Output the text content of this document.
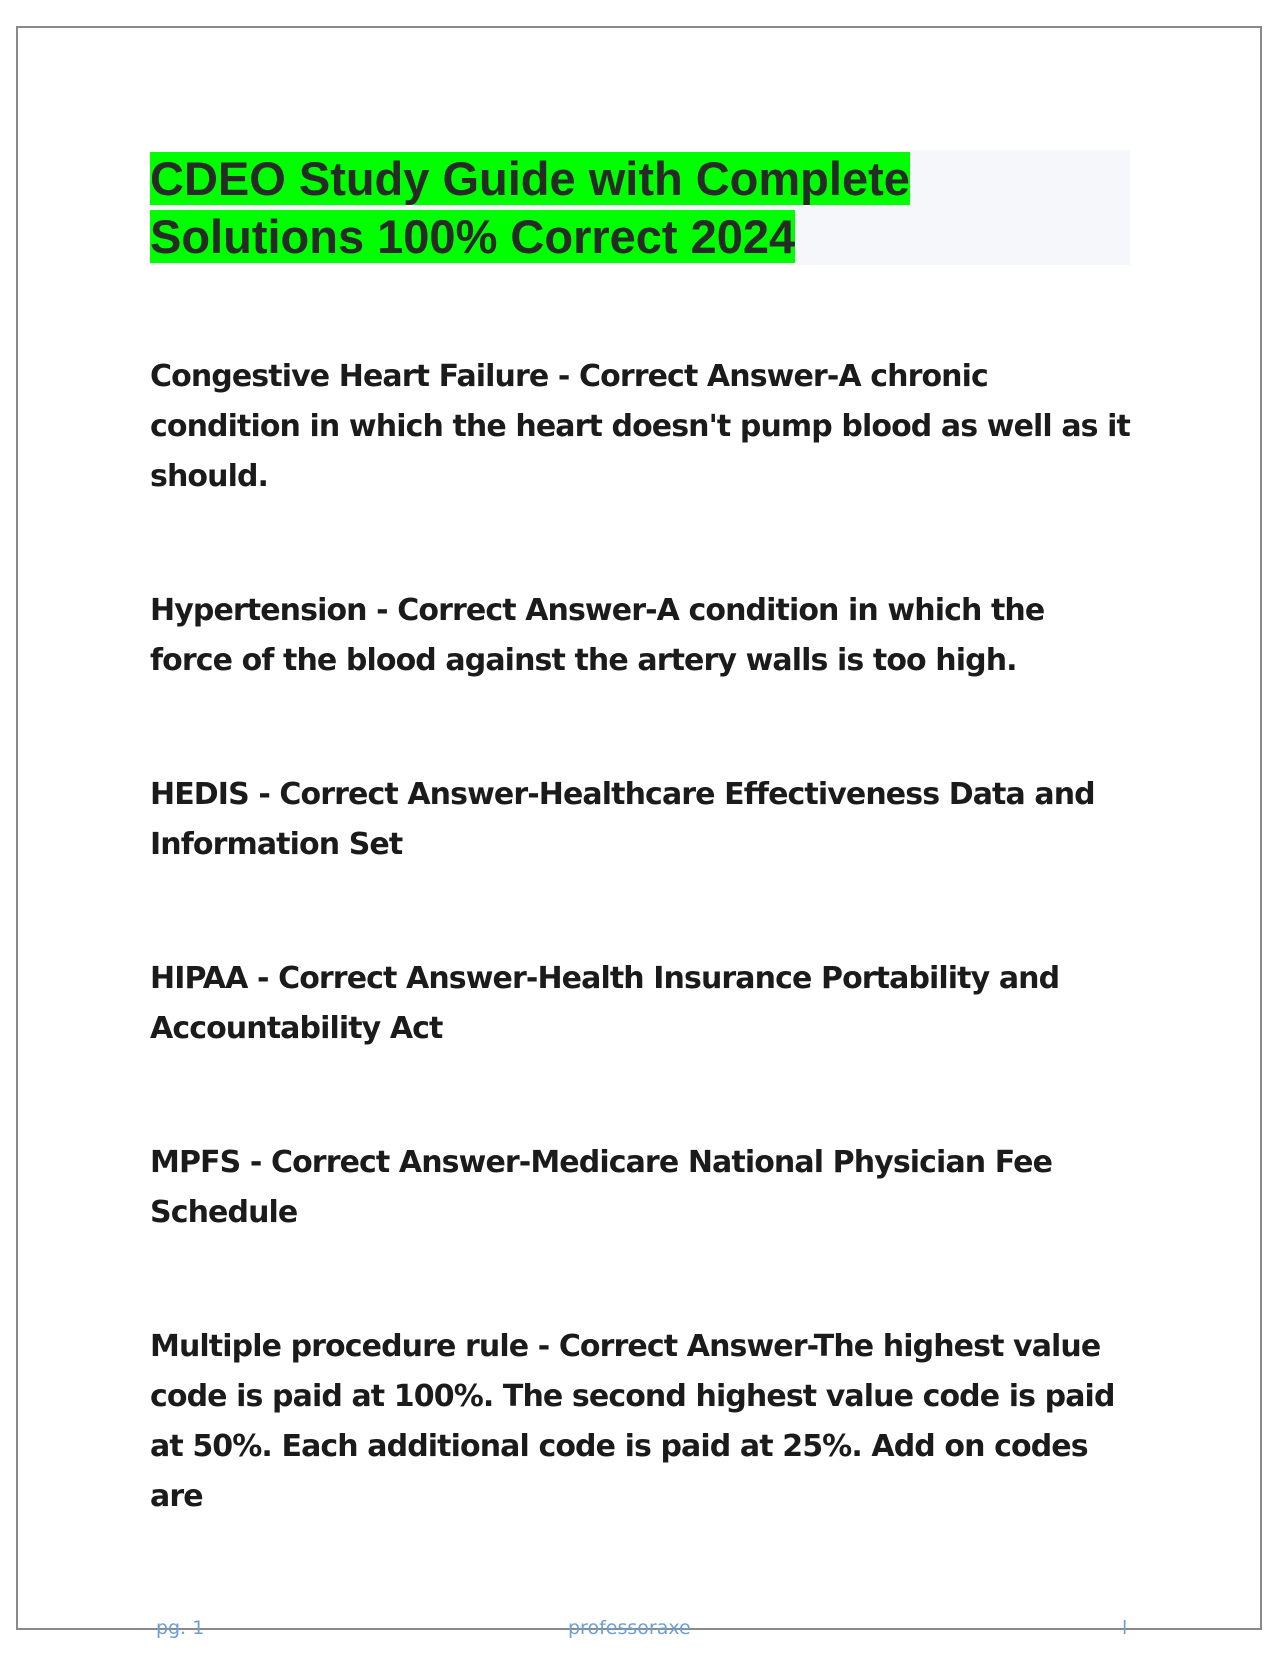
CDEO Study Guide with Complete Solutions 100% Correct 2024

Congestive Heart Failure - Correct Answer-A chronic condition in which the heart doesn't pump blood as well as it should.

Hypertension - Correct Answer-A condition in which the force of the blood against the artery walls is too high.

HEDIS - Correct Answer-Healthcare Effectiveness Data and Information Set

HIPAA - Correct Answer-Health Insurance Portability and Accountability Act

MPFS - Correct Answer-Medicare National Physician Fee Schedule

Multiple procedure rule - Correct Answer-The highest value code is paid at 100%. The second highest value code is paid at 50%. Each additional code is paid at 25%. Add on codes are

pg. 1	professoraxe	l
